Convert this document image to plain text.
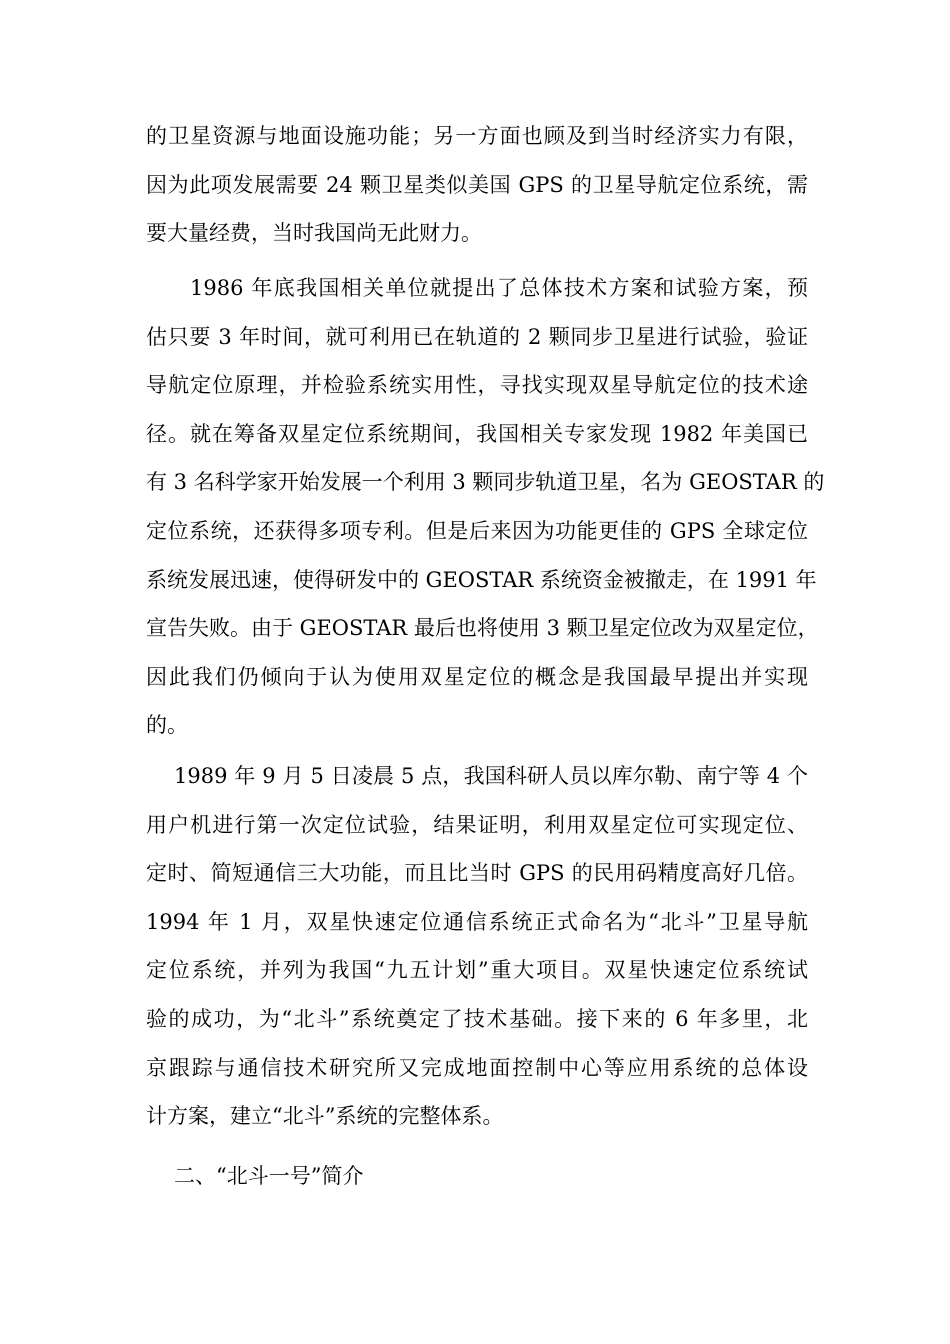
的卫星资源与地面设施功能；另一方面也顾及到当时经济实力有限，
因为此项发展需要 24 颗卫星类似美国 GPS 的卫星导航定位系统，需
要大量经费，当时我国尚无此财力。
1986 年底我国相关单位就提出了总体技术方案和试验方案，预
估只要 3 年时间，就可利用已在轨道的 2 颗同步卫星进行试验，验证
导航定位原理，并检验系统实用性，寻找实现双星导航定位的技术途
径。就在筹备双星定位系统期间，我国相关专家发现 1982 年美国已
有 3 名科学家开始发展一个利用 3 颗同步轨道卫星，名为 GEOSTAR 的
定位系统，还获得多项专利。但是后来因为功能更佳的 GPS 全球定位
系统发展迅速，使得研发中的 GEOSTAR 系统资金被撤走，在 1991 年
宣告失败。由于 GEOSTAR 最后也将使用 3 颗卫星定位改为双星定位，
因此我们仍倾向于认为使用双星定位的概念是我国最早提出并实现
的。
1989 年 9 月 5 日凌晨 5 点，我国科研人员以库尔勒、南宁等 4 个
用户机进行第一次定位试验，结果证明，利用双星定位可实现定位、
定时、简短通信三大功能，而且比当时 GPS 的民用码精度高好几倍。
1994 年 1 月，双星快速定位通信系统正式命名为“北斗”卫星导航
定位系统，并列为我国“九五计划”重大项目。双星快速定位系统试
验的成功，为“北斗”系统奠定了技术基础。接下来的 6 年多里，北
京跟踪与通信技术研究所又完成地面控制中心等应用系统的总体设
计方案，建立“北斗”系统的完整体系。
二、“北斗一号”简介
